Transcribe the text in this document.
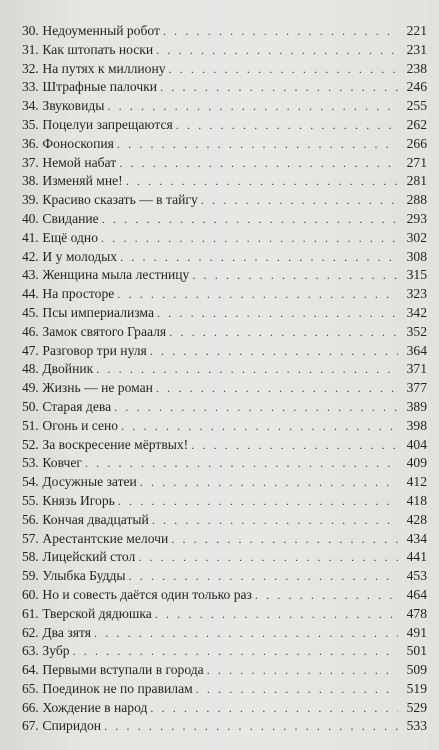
30. Недоуменный робот . . .	221
31. Как штопать носки . . .	231
32. На путях к миллиону . . .	238
33. Штрафные палочки . . .	246
34. Звуковиды . . .	255
35. Поцелуи запрещаются . . .	262
36. Фоноскопия . . .	266
37. Немой набат . . .	271
38. Изменяй мне! . . .	281
39. Красиво сказать — в тайгу . . .	288
40. Свидание . . .	293
41. Ещё одно . . .	302
42. И у молодых . . .	308
43. Женщина мыла лестницу . . .	315
44. На просторе . . .	323
45. Псы империализма . . .	342
46. Замок святого Грааля . . .	352
47. Разговор три нуля . . .	364
48. Двойник . . .	371
49. Жизнь — не роман . . .	377
50. Старая дева . . .	389
51. Огонь и сено . . .	398
52. За воскресение мёртвых! . . .	404
53. Ковчег . . .	409
54. Досужные затеи . . .	412
55. Князь Игорь . . .	418
56. Кончая двадцатый . . .	428
57. Арестантские мелочи . . .	434
58. Лицейский стол . . .	441
59. Улыбка Будды . . .	453
60. Но и совесть даётся один только раз . . .	464
61. Тверской дядюшка . . .	478
62. Два зятя . . .	491
63. Зубр . . .	501
64. Первыми вступали в города . . .	509
65. Поединок не по правилам . . .	519
66. Хождение в народ . . .	529
67. Спиридон . . .	533
